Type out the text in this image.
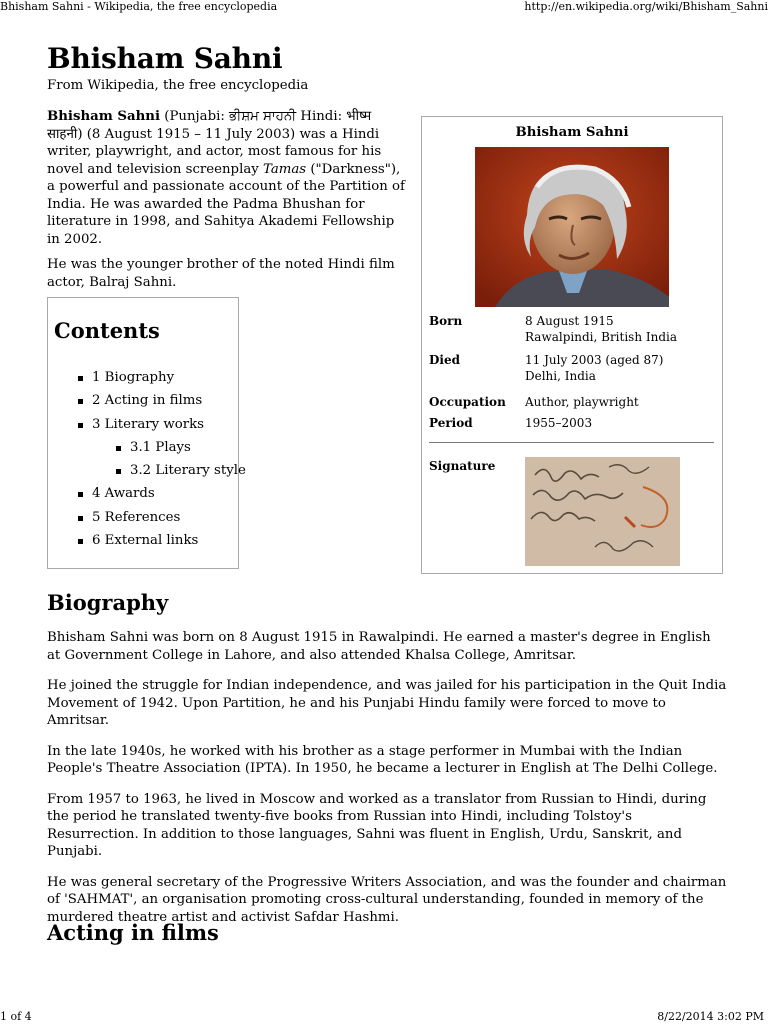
Bhisham Sahni - Wikipedia, the free encyclopedia	http://en.wikipedia.org/wiki/Bhisham_Sahni
Bhisham Sahni
From Wikipedia, the free encyclopedia

Bhisham Sahni (Punjabi: ਭੀਸ਼ਮ ਸਾਹਨੀ Hindi: भीष्म साहनी) (8 August 1915 – 11 July 2003) was a Hindi writer, playwright, and actor, most famous for his novel and television screenplay Tamas ("Darkness"), a powerful and passionate account of the Partition of India. He was awarded the Padma Bhushan for literature in 1998, and Sahitya Akademi Fellowship in 2002.

He was the younger brother of the noted Hindi film actor, Balraj Sahni.

Contents
1 Biography
2 Acting in films
3 Literary works
3.1 Plays
3.2 Literary style
4 Awards
5 References
6 External links
Bhisham Sahni
Born	8 August 1915
Rawalpindi, British India
Died	11 July 2003 (aged 87)
Delhi, India
Occupation Author, playwright
Period	1955–2003
Signature
Biography

Bhisham Sahni was born on 8 August 1915 in Rawalpindi. He earned a master's degree in English at Government College in Lahore, and also attended Khalsa College, Amritsar.

He joined the struggle for Indian independence, and was jailed for his participation in the Quit India Movement of 1942. Upon Partition, he and his Punjabi Hindu family were forced to move to Amritsar.

In the late 1940s, he worked with his brother as a stage performer in Mumbai with the Indian People's Theatre Association (IPTA). In 1950, he became a lecturer in English at The Delhi College.

From 1957 to 1963, he lived in Moscow and worked as a translator from Russian to Hindi, during the period he translated twenty-five books from Russian into Hindi, including Tolstoy's Resurrection. In addition to those languages, Sahni was fluent in English, Urdu, Sanskrit, and Punjabi.

He was general secretary of the Progressive Writers Association, and was the founder and chairman of 'SAHMAT', an organisation promoting cross-cultural understanding, founded in memory of the murdered theatre artist and activist Safdar Hashmi.

Acting in films
1 of 4	8/22/2014 3:02 PM
